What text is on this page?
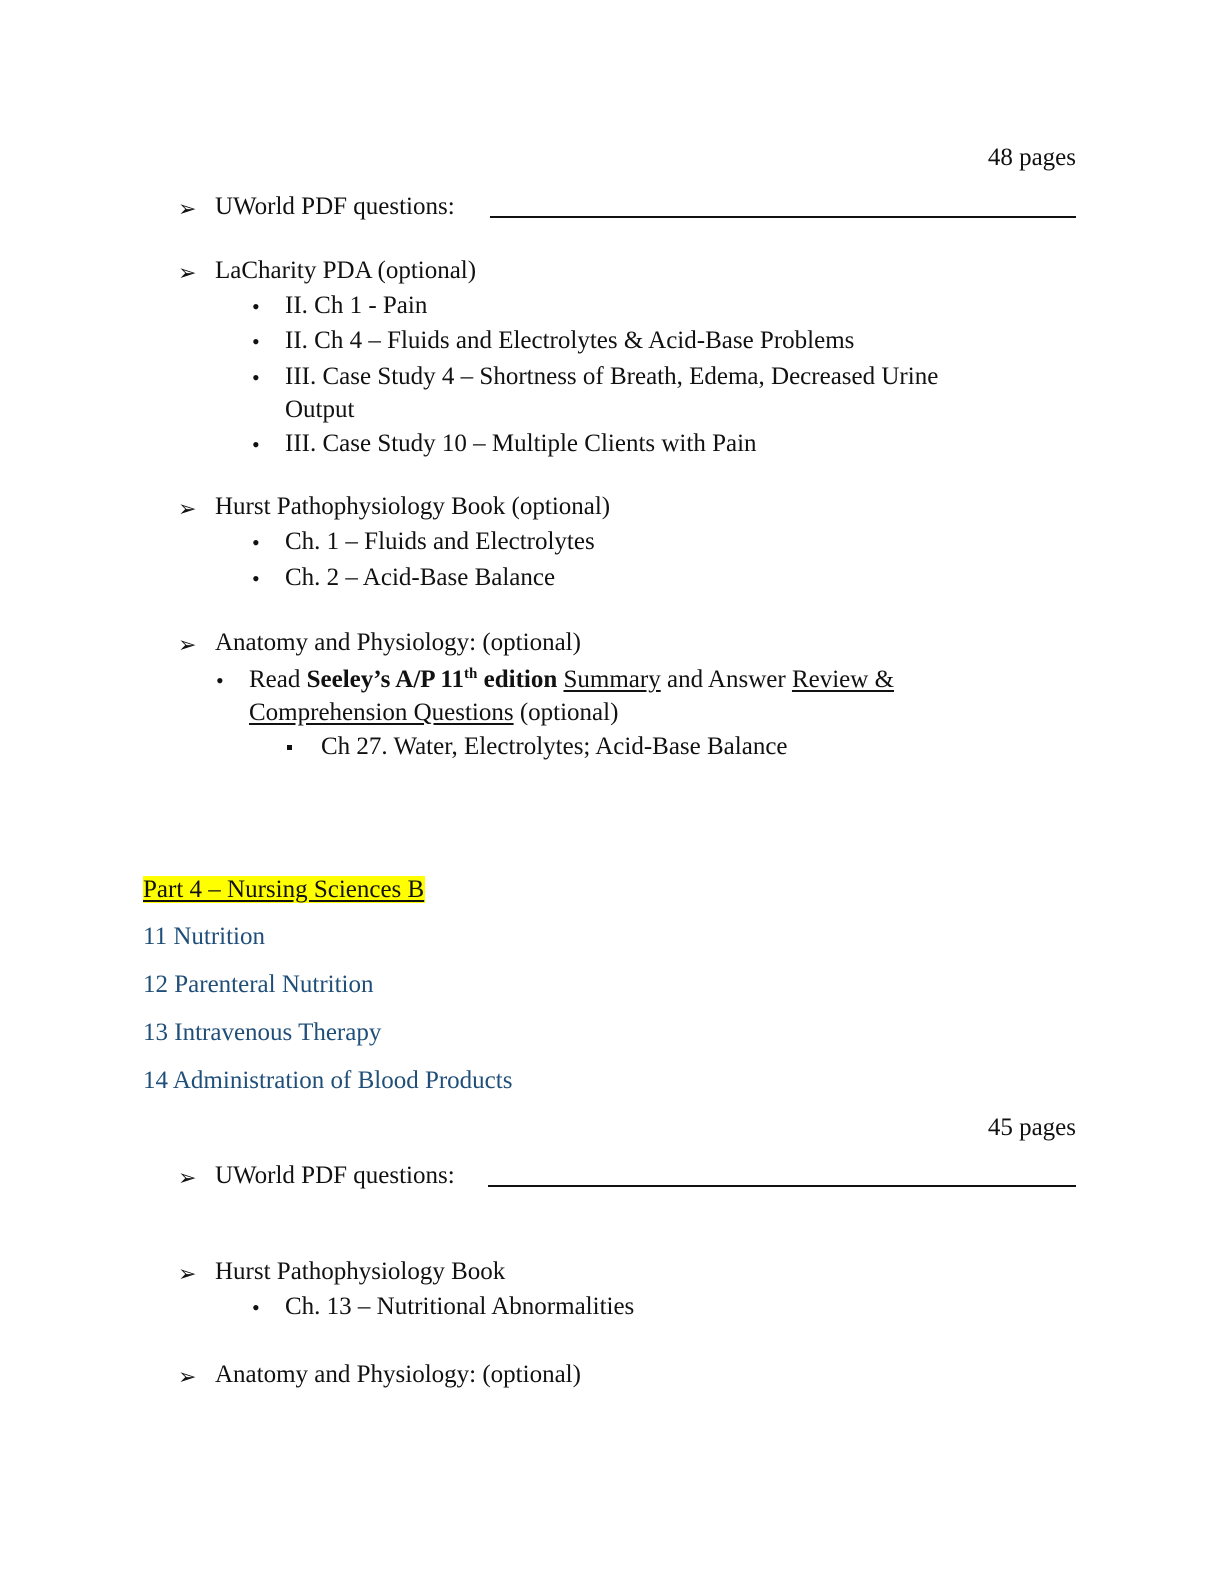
48 pages
➢ UWorld PDF questions:
➢ LaCharity PDA (optional)
• II. Ch 1 - Pain
• II. Ch 4 – Fluids and Electrolytes & Acid-Base Problems
• III. Case Study 4 – Shortness of Breath, Edema, Decreased Urine
Output
• III. Case Study 10 – Multiple Clients with Pain
➢ Hurst Pathophysiology Book (optional)
• Ch. 1 – Fluids and Electrolytes
• Ch. 2 – Acid-Base Balance
➢ Anatomy and Physiology: (optional)
• Read Seeley’s A/P 11th edition Summary and Answer Review &
Comprehension Questions (optional)
Ch 27. Water, Electrolytes; Acid-Base Balance
Part 4 – Nursing Sciences B
11 Nutrition
12 Parenteral Nutrition
13 Intravenous Therapy
14 Administration of Blood Products
45 pages
➢ UWorld PDF questions:
➢ Hurst Pathophysiology Book
• Ch. 13 – Nutritional Abnormalities
➢ Anatomy and Physiology: (optional)
